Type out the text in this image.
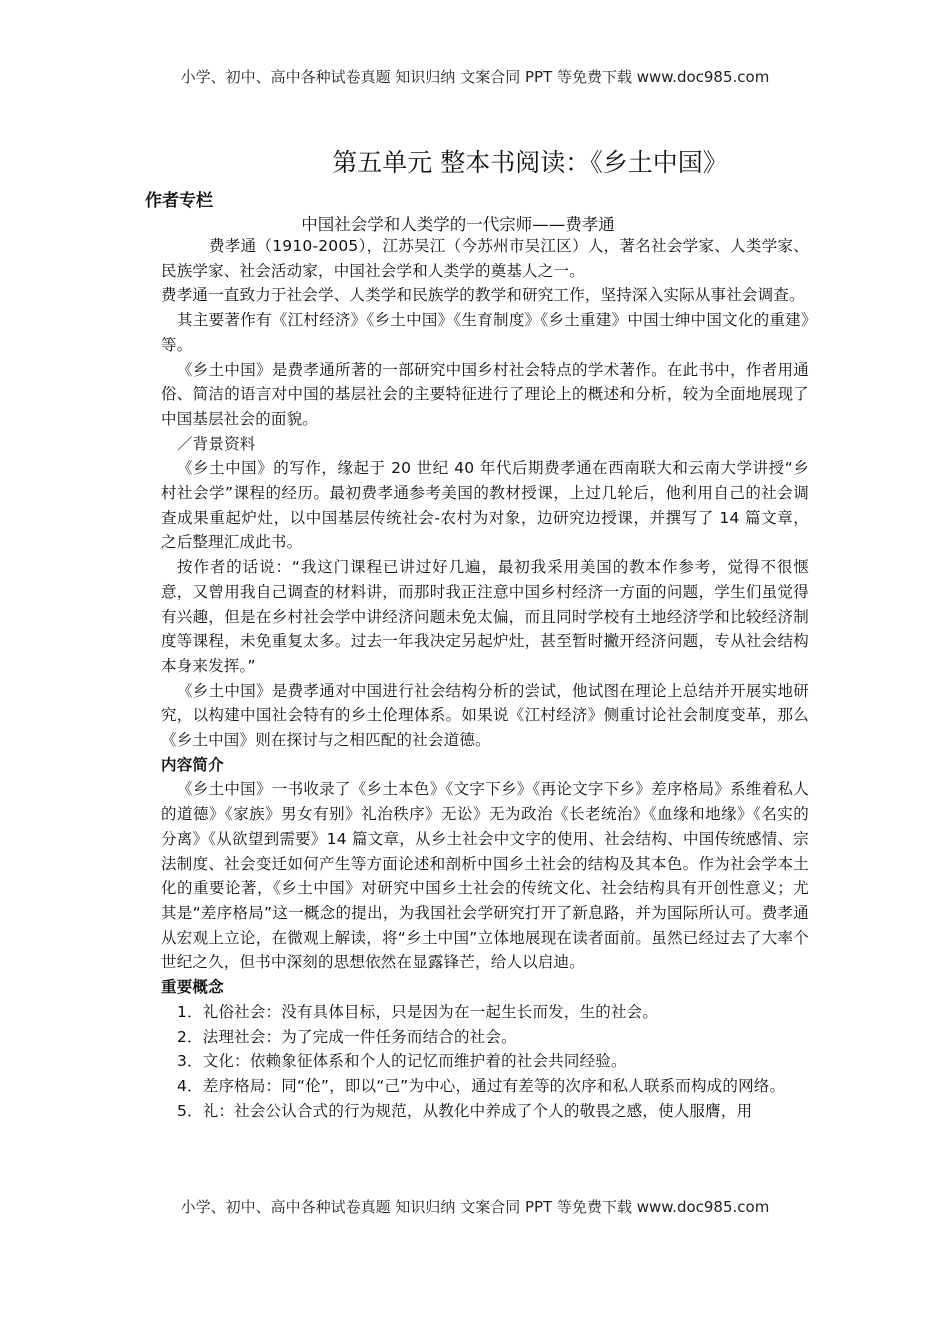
小学、初中、高中各种试卷真题 知识归纳 文案合同 PPT 等免费下载 www.doc985.com
第五单元 整本书阅读：《乡土中国》
作者专栏
中国社会学和人类学的一代宗师——费孝通

费孝通（1910-2005），江苏吴江（今苏州市吴江区）人，著名社会学家、人类学家、民族学家、社会活动家，中国社会学和人类学的奠基人之一。

费孝通一直致力于社会学、人类学和民族学的教学和研究工作，坚持深入实际从事社会调查。

其主要著作有《江村经济》《乡土中国》《生育制度》《乡土重建》中国士绅中国文化的重建》等。

《乡土中国》是费孝通所著的一部研究中国乡村社会特点的学术著作。在此书中，作者用通俗、简洁的语言对中国的基层社会的主要特征进行了理论上的概述和分析，较为全面地展现了中国基层社会的面貌。

／背景资料

《乡土中国》的写作，缘起于 20 世纪 40 年代后期费孝通在西南联大和云南大学讲授“乡村社会学”课程的经历。最初费孝通参考美国的教材授课，上过几轮后，他利用自己的社会调查成果重起炉灶，以中国基层传统社会-农村为对象，边研究边授课，并撰写了 14 篇文章，之后整理汇成此书。

按作者的话说：“我这门课程已讲过好几遍，最初我采用美国的教本作参考，觉得不很惬意，又曾用我自己调查的材料讲，而那时我正注意中国乡村经济一方面的问题，学生们虽觉得有兴趣，但是在乡村社会学中讲经济问题未免太偏，而且同时学校有土地经济学和比较经济制度等课程，未免重复太多。过去一年我决定另起炉灶，甚至暂时撇开经济问题，专从社会结构本身来发挥。”

《乡土中国》是费孝通对中国进行社会结构分析的尝试，他试图在理论上总结并开展实地研究，以构建中国社会特有的乡土伦理体系。如果说《江村经济》侧重讨论社会制度变革，那么《乡土中国》则在探讨与之相匹配的社会道德。

内容简介

《乡土中国》一书收录了《乡土本色》《文字下乡》《再论文字下乡》差序格局》系维着私人的道德》《家族》男女有别》礼治秩序》无讼》无为政治《长老统治》《血缘和地缘》《名实的分离》《从欲望到需要》14 篇文章，从乡土社会中文字的使用、社会结构、中国传统感情、宗法制度、社会变迁如何产生等方面论述和剖析中国乡土社会的结构及其本色。作为社会学本土化的重要论著，《乡土中国》对研究中国乡土社会的传统文化、社会结构具有开创性意义；尤其是“差序格局”这一概念的提出，为我国社会学研究打开了新息路，并为国际所认可。费孝通从宏观上立论，在微观上解读，将“乡土中国”立体地展现在读者面前。虽然已经过去了大率个世纪之久，但书中深刻的思想依然在显露锋芒，给人以启迪。

重要概念

1．礼俗社会：没有具体目标，只是因为在一起生长而发，生的社会。

2．法理社会：为了完成一件任务而结合的社会。

3．文化：依赖象征体系和个人的记忆而维护着的社会共同经验。

4．差序格局：同“伦”，即以“己”为中心，通过有差等的次序和私人联系而构成的网络。

5．礼：社会公认合式的行为规范，从教化中养成了个人的敬畏之感，使人服膺，用

小学、初中、高中各种试卷真题 知识归纳 文案合同 PPT 等免费下载 www.doc985.com
